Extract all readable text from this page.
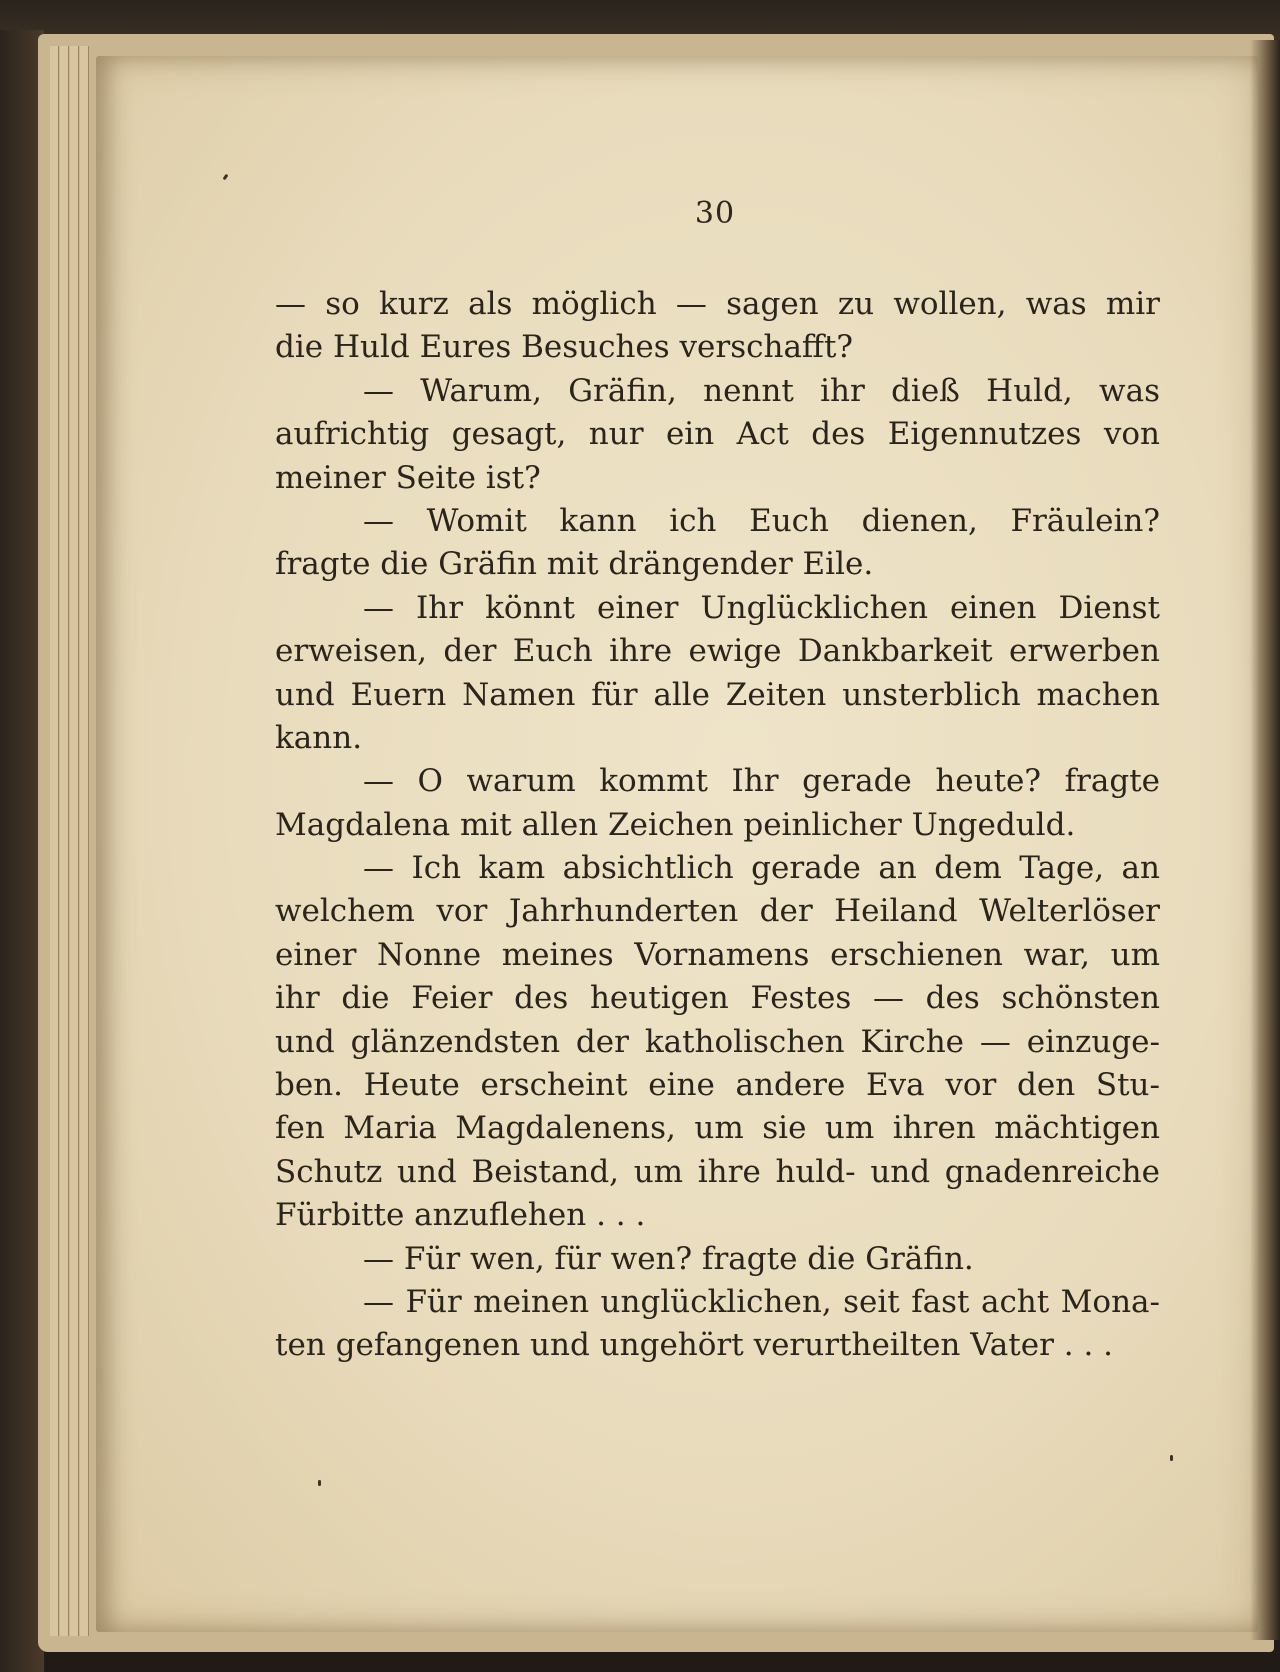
30
— so kurz als möglich — sagen zu wollen, was mir
die Huld Eures Besuches verschafft?
— Warum, Gräfin, nennt ihr dieß Huld, was
aufrichtig gesagt, nur ein Act des Eigennutzes von
meiner Seite ist?
— Womit kann ich Euch dienen, Fräulein?
fragte die Gräfin mit drängender Eile.
— Ihr könnt einer Unglücklichen einen Dienst
erweisen, der Euch ihre ewige Dankbarkeit erwerben
und Euern Namen für alle Zeiten unsterblich machen
kann.
— O warum kommt Ihr gerade heute? fragte
Magdalena mit allen Zeichen peinlicher Ungeduld.
— Ich kam absichtlich gerade an dem Tage, an
welchem vor Jahrhunderten der Heiland Welterlöser
einer Nonne meines Vornamens erschienen war, um
ihr die Feier des heutigen Festes — des schönsten
und glänzendsten der katholischen Kirche — einzuge-
ben. Heute erscheint eine andere Eva vor den Stu-
fen Maria Magdalenens, um sie um ihren mächtigen
Schutz und Beistand, um ihre huld- und gnadenreiche
Fürbitte anzuflehen . . .
— Für wen, für wen? fragte die Gräfin.
— Für meinen unglücklichen, seit fast acht Mona-
ten gefangenen und ungehört verurtheilten Vater . . .
